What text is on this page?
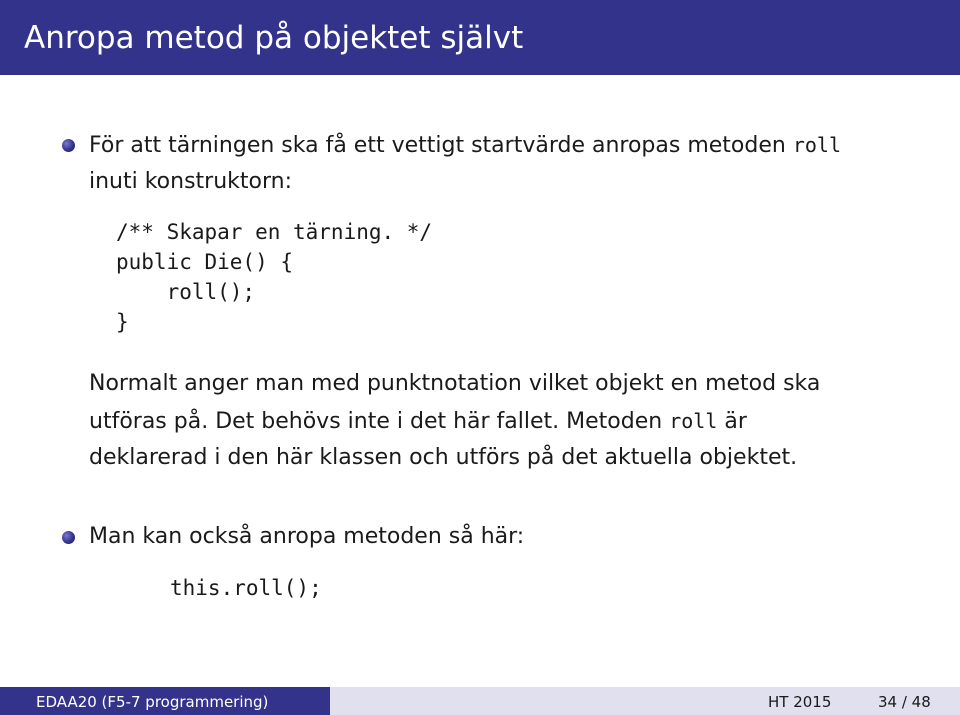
Anropa metod på objektet självt
För att tärningen ska få ett vettigt startvärde anropas metoden roll
inuti konstruktorn:
/** Skapar en tärning. */
public Die() {
roll();
}
Normalt anger man med punktnotation vilket objekt en metod ska
utföras på. Det behövs inte i det här fallet. Metoden roll är
deklarerad i den här klassen och utförs på det aktuella objektet.
Man kan också anropa metoden så här:
this.roll();
EDAA20 (F5-7 programmering)	HT 2015	34 / 48
